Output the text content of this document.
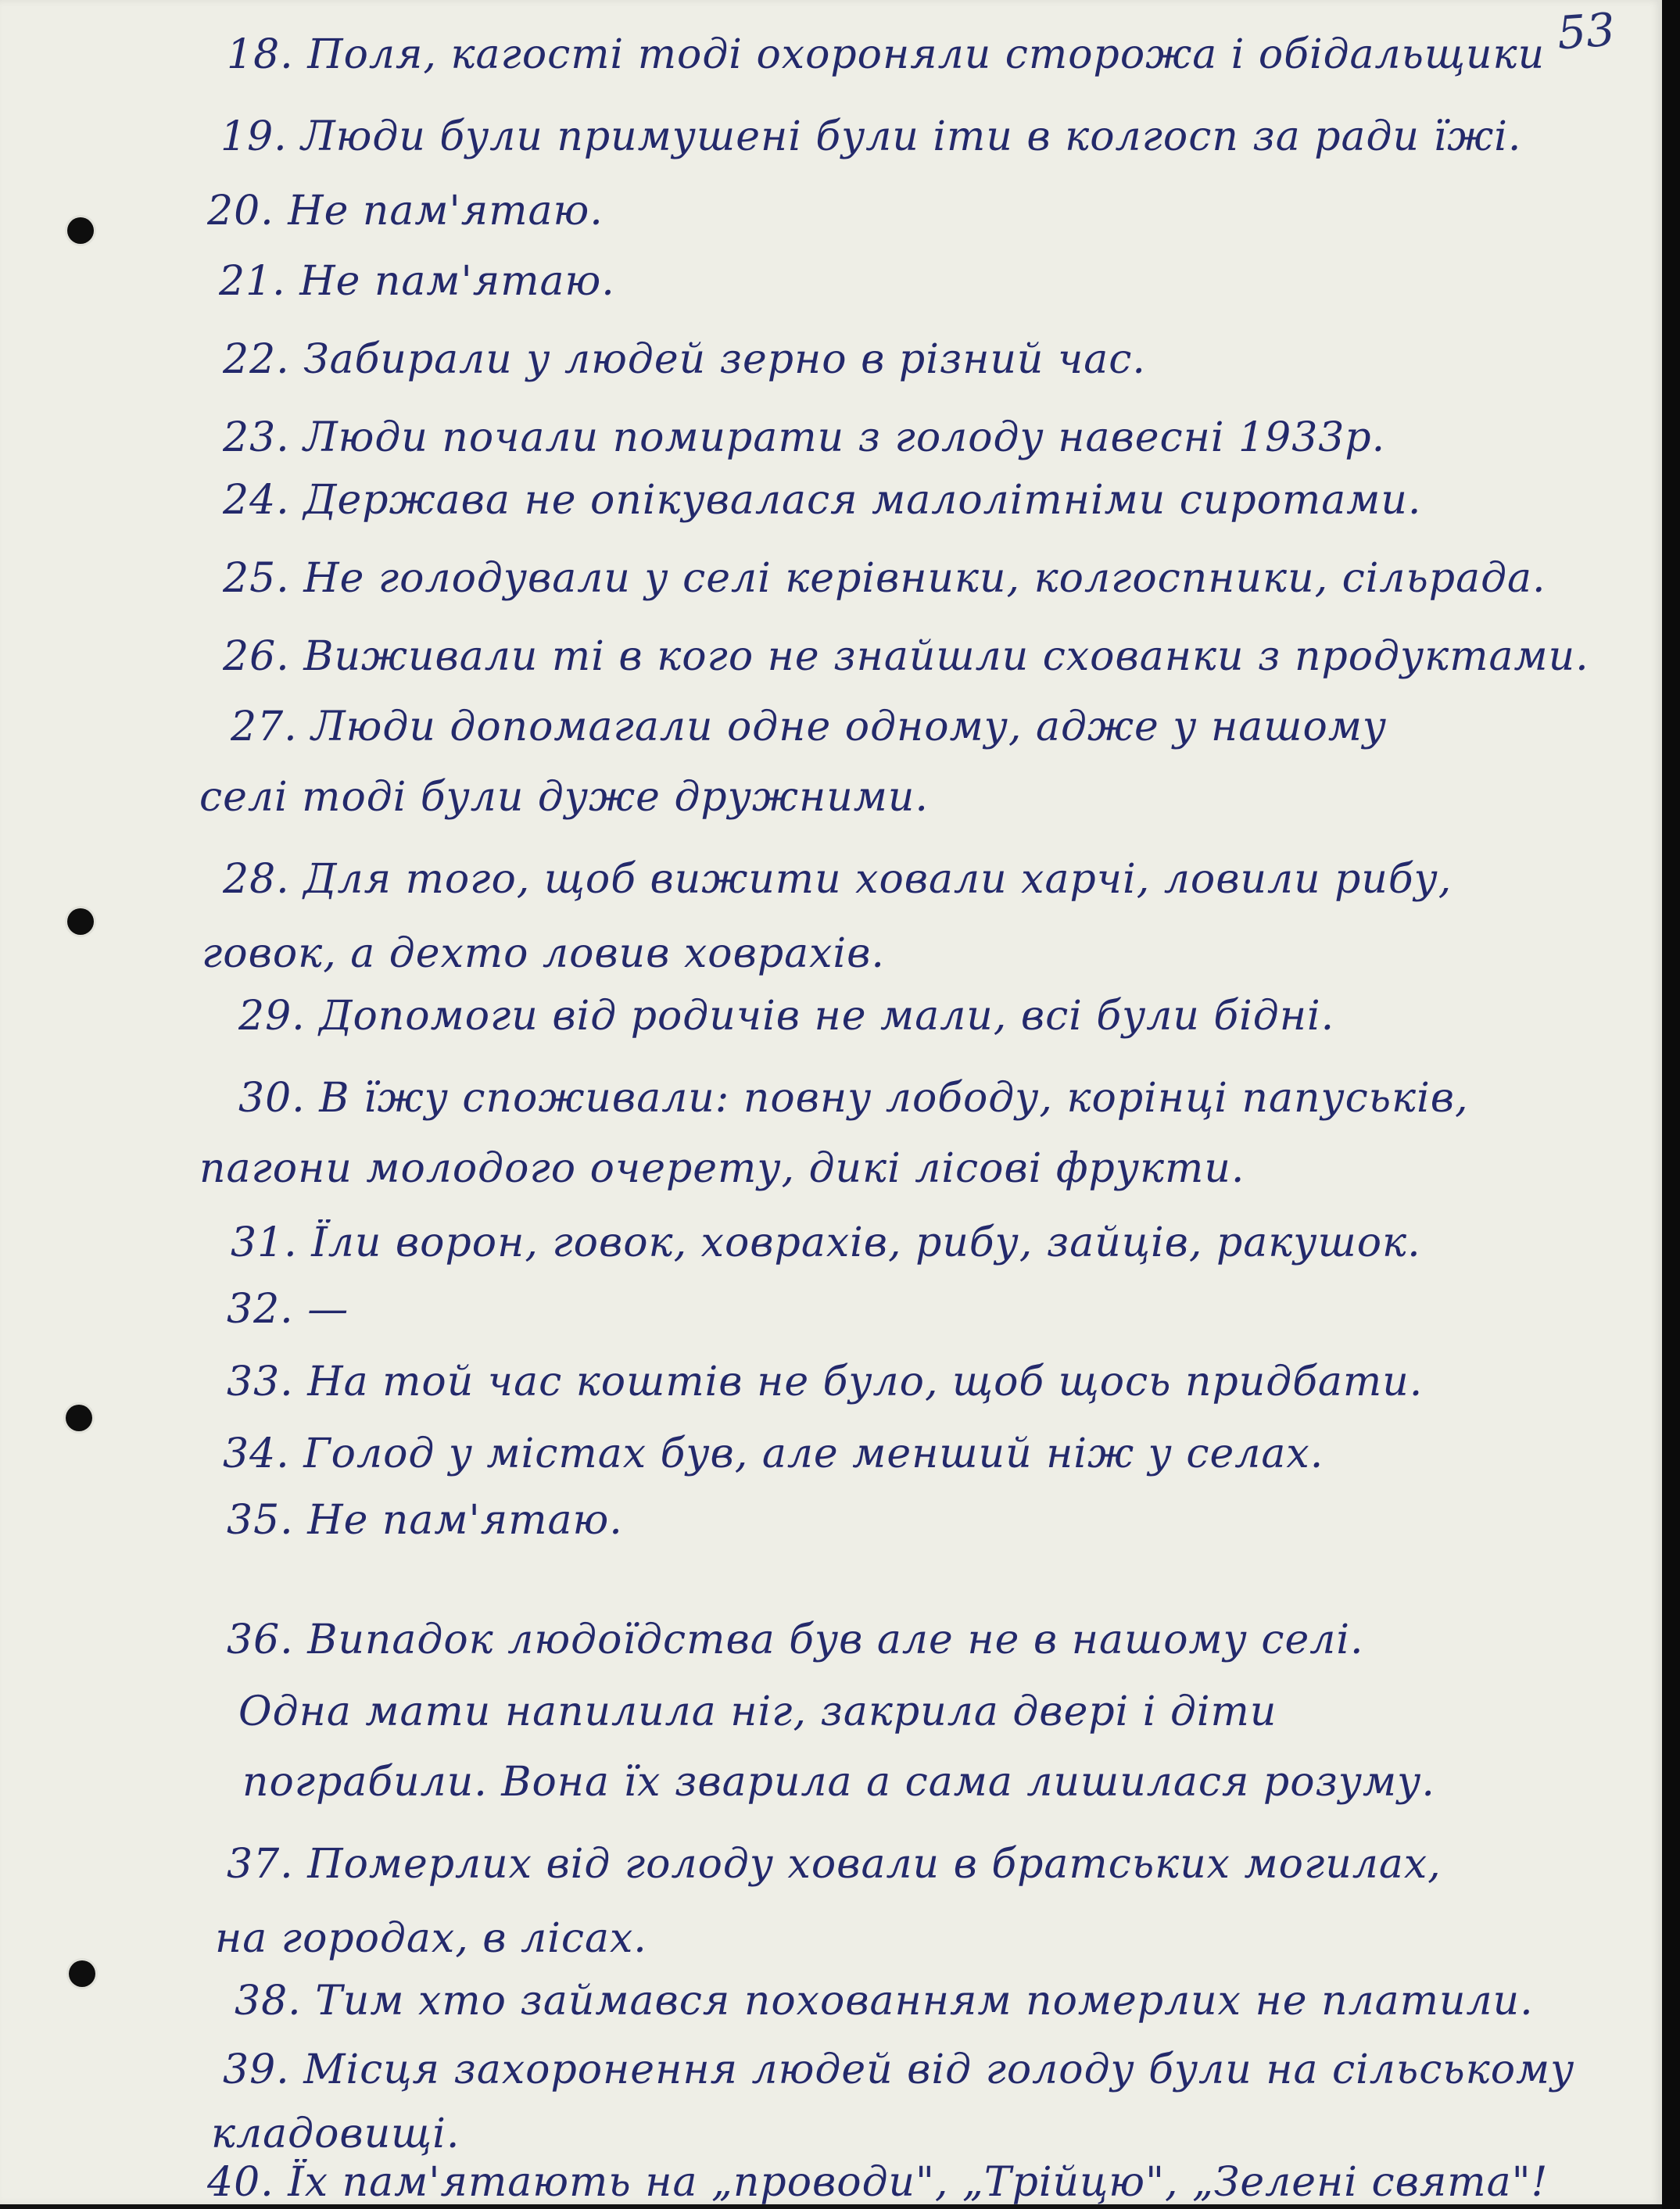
53
18. Поля, кагості тоді охороняли сторожа і обідальщики
19. Люди були примушені були іти в колгосп за ради їжі.
20. Не пам'ятаю.
21. Не пам'ятаю.
22. Забирали у людей зерно в різний час.
23. Люди почали помирати з голоду навесні 1933р.
24. Держава не опікувалася малолітніми сиротами.
25. Не голодували у селі керівники, колгоспники, сільрада.
26. Виживали ті в кого не знайшли схованки з продуктами.
27. Люди допомагали одне одному, адже у нашому
селі тоді були дуже дружними.
28. Для того, щоб вижити ховали харчі, ловили рибу,
говок, а дехто ловив ховрахів.
29. Допомоги від родичів не мали, всі були бідні.
30. В їжу споживали: повну лободу, корінці папуськів,
пагони молодого очерету, дикі лісові фрукти.
31. Їли ворон, говок, ховрахів, рибу, зайців, ракушок.
32. —
33. На той час коштів не було, щоб щось придбати.
34. Голод у містах був, але менший ніж у селах.
35. Не пам'ятаю.
36. Випадок людоїдства був але не в нашому селі.
Одна мати напилила ніг, закрила двері і діти
пограбили. Вона їх зварила а сама лишилася розуму.
37. Померлих від голоду ховали в братських могилах,
на городах, в лісах.
38. Тим хто займався похованням померлих не платили.
39. Місця захоронення людей від голоду були на сільському
кладовищі.
40. Їх пам'ятають на „проводи", „Трійцю", „Зелені свята"!
